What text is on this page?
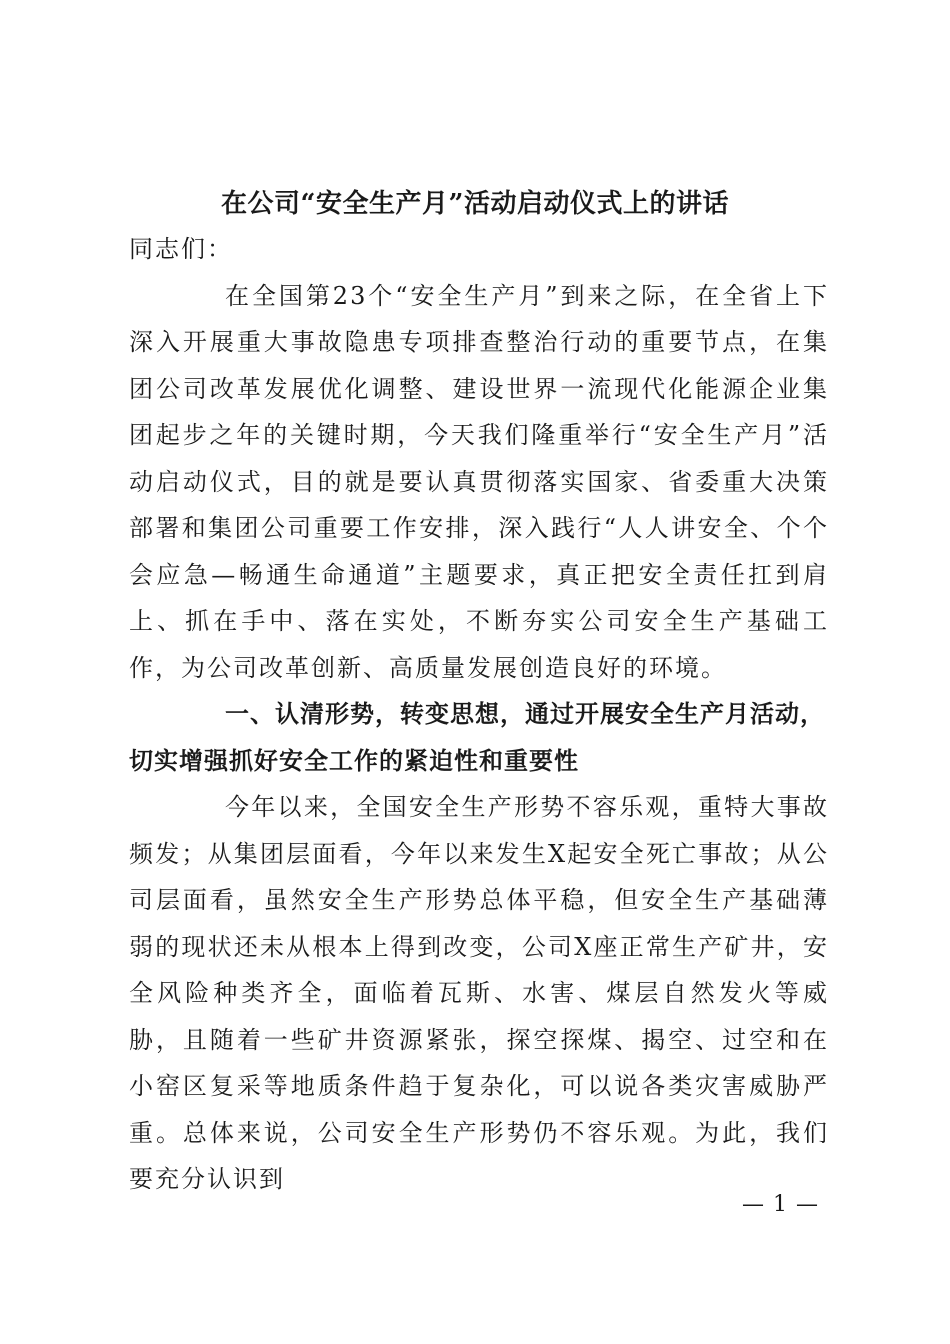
在公司“安全生产月”活动启动仪式上的讲话

同志们：

在全国第23个“安全生产月”到来之际，在全省上下深入开展重大事故隐患专项排查整治行动的重要节点，在集团公司改革发展优化调整、建设世界一流现代化能源企业集团起步之年的关键时期，今天我们隆重举行“安全生产月”活动启动仪式，目的就是要认真贯彻落实国家、省委重大决策部署和集团公司重要工作安排，深入践行“人人讲安全、个个会应急—畅通生命通道”主题要求，真正把安全责任扛到肩上、抓在手中、落在实处，不断夯实公司安全生产基础工作，为公司改革创新、高质量发展创造良好的环境。

一、认清形势，转变思想，通过开展安全生产月活动，切实增强抓好安全工作的紧迫性和重要性

今年以来，全国安全生产形势不容乐观，重特大事故频发；从集团层面看，今年以来发生X起安全死亡事故；从公司层面看，虽然安全生产形势总体平稳，但安全生产基础薄弱的现状还未从根本上得到改变，公司X座正常生产矿井，安全风险种类齐全，面临着瓦斯、水害、煤层自然发火等威胁，且随着一些矿井资源紧张，探空探煤、揭空、过空和在小窑区复采等地质条件趋于复杂化，可以说各类灾害威胁严重。总体来说，公司安全生产形势仍不容乐观。为此，我们要充分认识到

— 1 —
